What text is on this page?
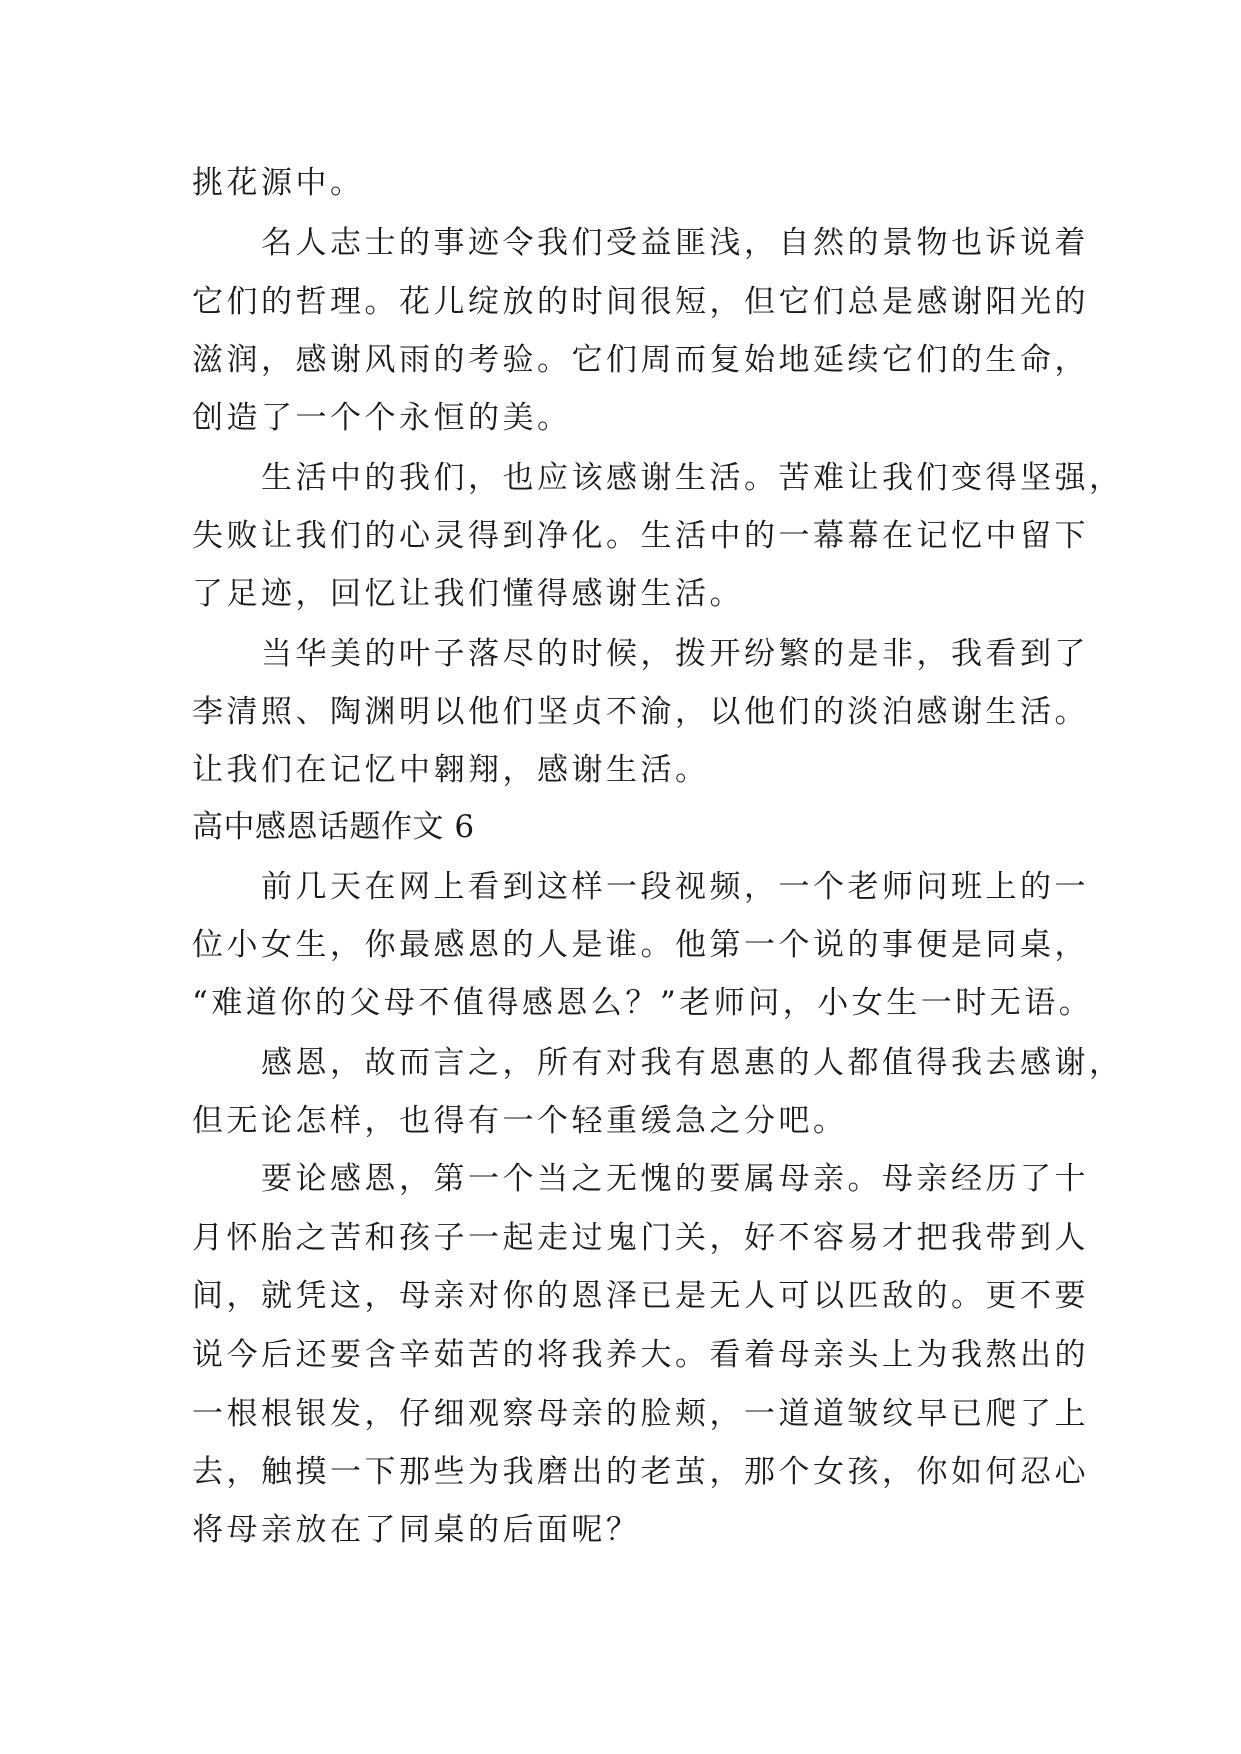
挑花源中。
　　名人志士的事迹令我们受益匪浅，自然的景物也诉说着
它们的哲理。花儿绽放的时间很短，但它们总是感谢阳光的
滋润，感谢风雨的考验。它们周而复始地延续它们的生命，
创造了一个个永恒的美。
　　生活中的我们，也应该感谢生活。苦难让我们变得坚强，
失败让我们的心灵得到净化。生活中的一幕幕在记忆中留下
了足迹，回忆让我们懂得感谢生活。
　　当华美的叶子落尽的时候，拨开纷繁的是非，我看到了
李清照、陶渊明以他们坚贞不渝，以他们的淡泊感谢生活。
让我们在记忆中翱翔，感谢生活。
高中感恩话题作文 6
　　前几天在网上看到这样一段视频，一个老师问班上的一
位小女生，你最感恩的人是谁。他第一个说的事便是同桌，
“难道你的父母不值得感恩么？”老师问，小女生一时无语。
　　感恩，故而言之，所有对我有恩惠的人都值得我去感谢，
但无论怎样，也得有一个轻重缓急之分吧。
　　要论感恩，第一个当之无愧的要属母亲。母亲经历了十
月怀胎之苦和孩子一起走过鬼门关，好不容易才把我带到人
间，就凭这，母亲对你的恩泽已是无人可以匹敌的。更不要
说今后还要含辛茹苦的将我养大。看着母亲头上为我熬出的
一根根银发，仔细观察母亲的脸颊，一道道皱纹早已爬了上
去，触摸一下那些为我磨出的老茧，那个女孩，你如何忍心
将母亲放在了同桌的后面呢？
